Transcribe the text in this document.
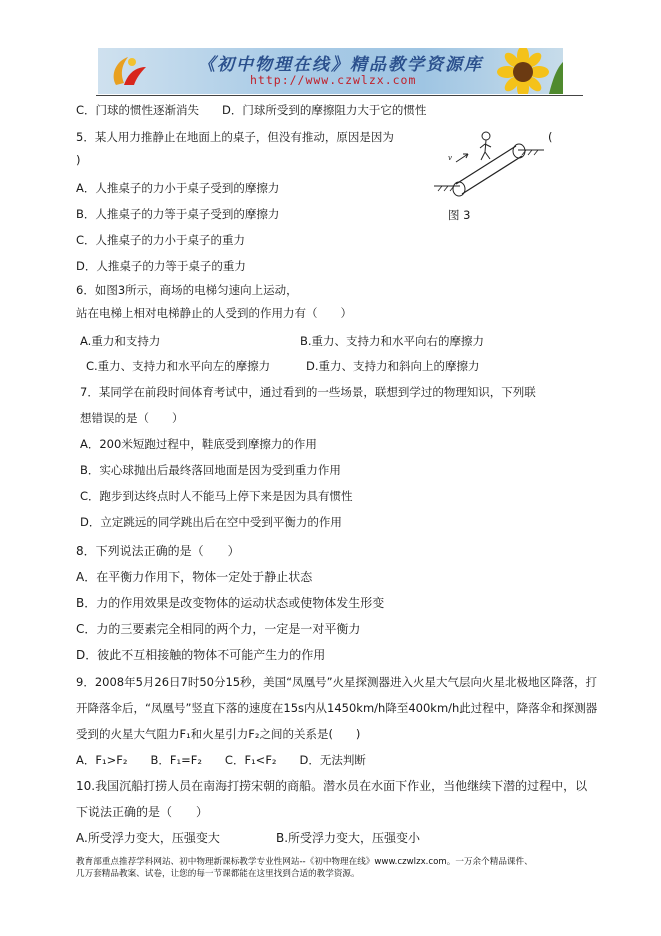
《初中物理在线》精品教学资源库
http://www.czwlzx.com
C．门球的惯性逐渐消失　　D．门球所受到的摩擦阻力大于它的惯性
5．某人用力推静止在地面上的桌子，但没有推动，原因是因为	(
)
A．人推桌子的力小于桌子受到的摩擦力
B．人推桌子的力等于桌子受到的摩擦力	图 3
C．人推桌子的力小于桌子的重力
D．人推桌子的力等于桌子的重力
v
6．如图3所示，商场的电梯匀速向上运动，
站在电梯上相对电梯静止的人受到的作用力有（　　）
A.重力和支持力	B.重力、支持力和水平向右的摩擦力
C.重力、支持力和水平向左的摩擦力	D.重力、支持力和斜向上的摩擦力
7．某同学在前段时间体育考试中，通过看到的一些场景，联想到学过的物理知识，下列联
想错误的是（　　）
A．200米短跑过程中，鞋底受到摩擦力的作用
B．实心球抛出后最终落回地面是因为受到重力作用
C．跑步到达终点时人不能马上停下来是因为具有惯性
D．立定跳远的同学跳出后在空中受到平衡力的作用
8．下列说法正确的是（　　）
A．在平衡力作用下，物体一定处于静止状态
B．力的作用效果是改变物体的运动状态或使物体发生形变
C．力的三要素完全相同的两个力，一定是一对平衡力
D．彼此不互相接触的物体不可能产生力的作用
9．2008年5月26日7时50分15秒，美国“凤凰号”火星探测器进入火星大气层向火星北极地区降落，打
开降落伞后，“凤凰号”竖直下落的速度在15s内从1450km/h降至400km/h此过程中，降落伞和探测器
受到的火星大气阻力F₁和火星引力F₂之间的关系是(　　)
A．F₁>F₂　　B．F₁=F₂　　C．F₁<F₂　　D．无法判断
10.我国沉船打捞人员在南海打捞宋朝的商船。潜水员在水面下作业，当他继续下潜的过程中，以
下说法正确的是（　　）
A.所受浮力变大，压强变大	B.所受浮力变大，压强变小
教育部重点推荐学科网站、初中物理新课标教学专业性网站--《初中物理在线》www.czwlzx.com。一万余个精品课件、
几万套精品教案、试卷，让您的每一节课都能在这里找到合适的教学资源。
